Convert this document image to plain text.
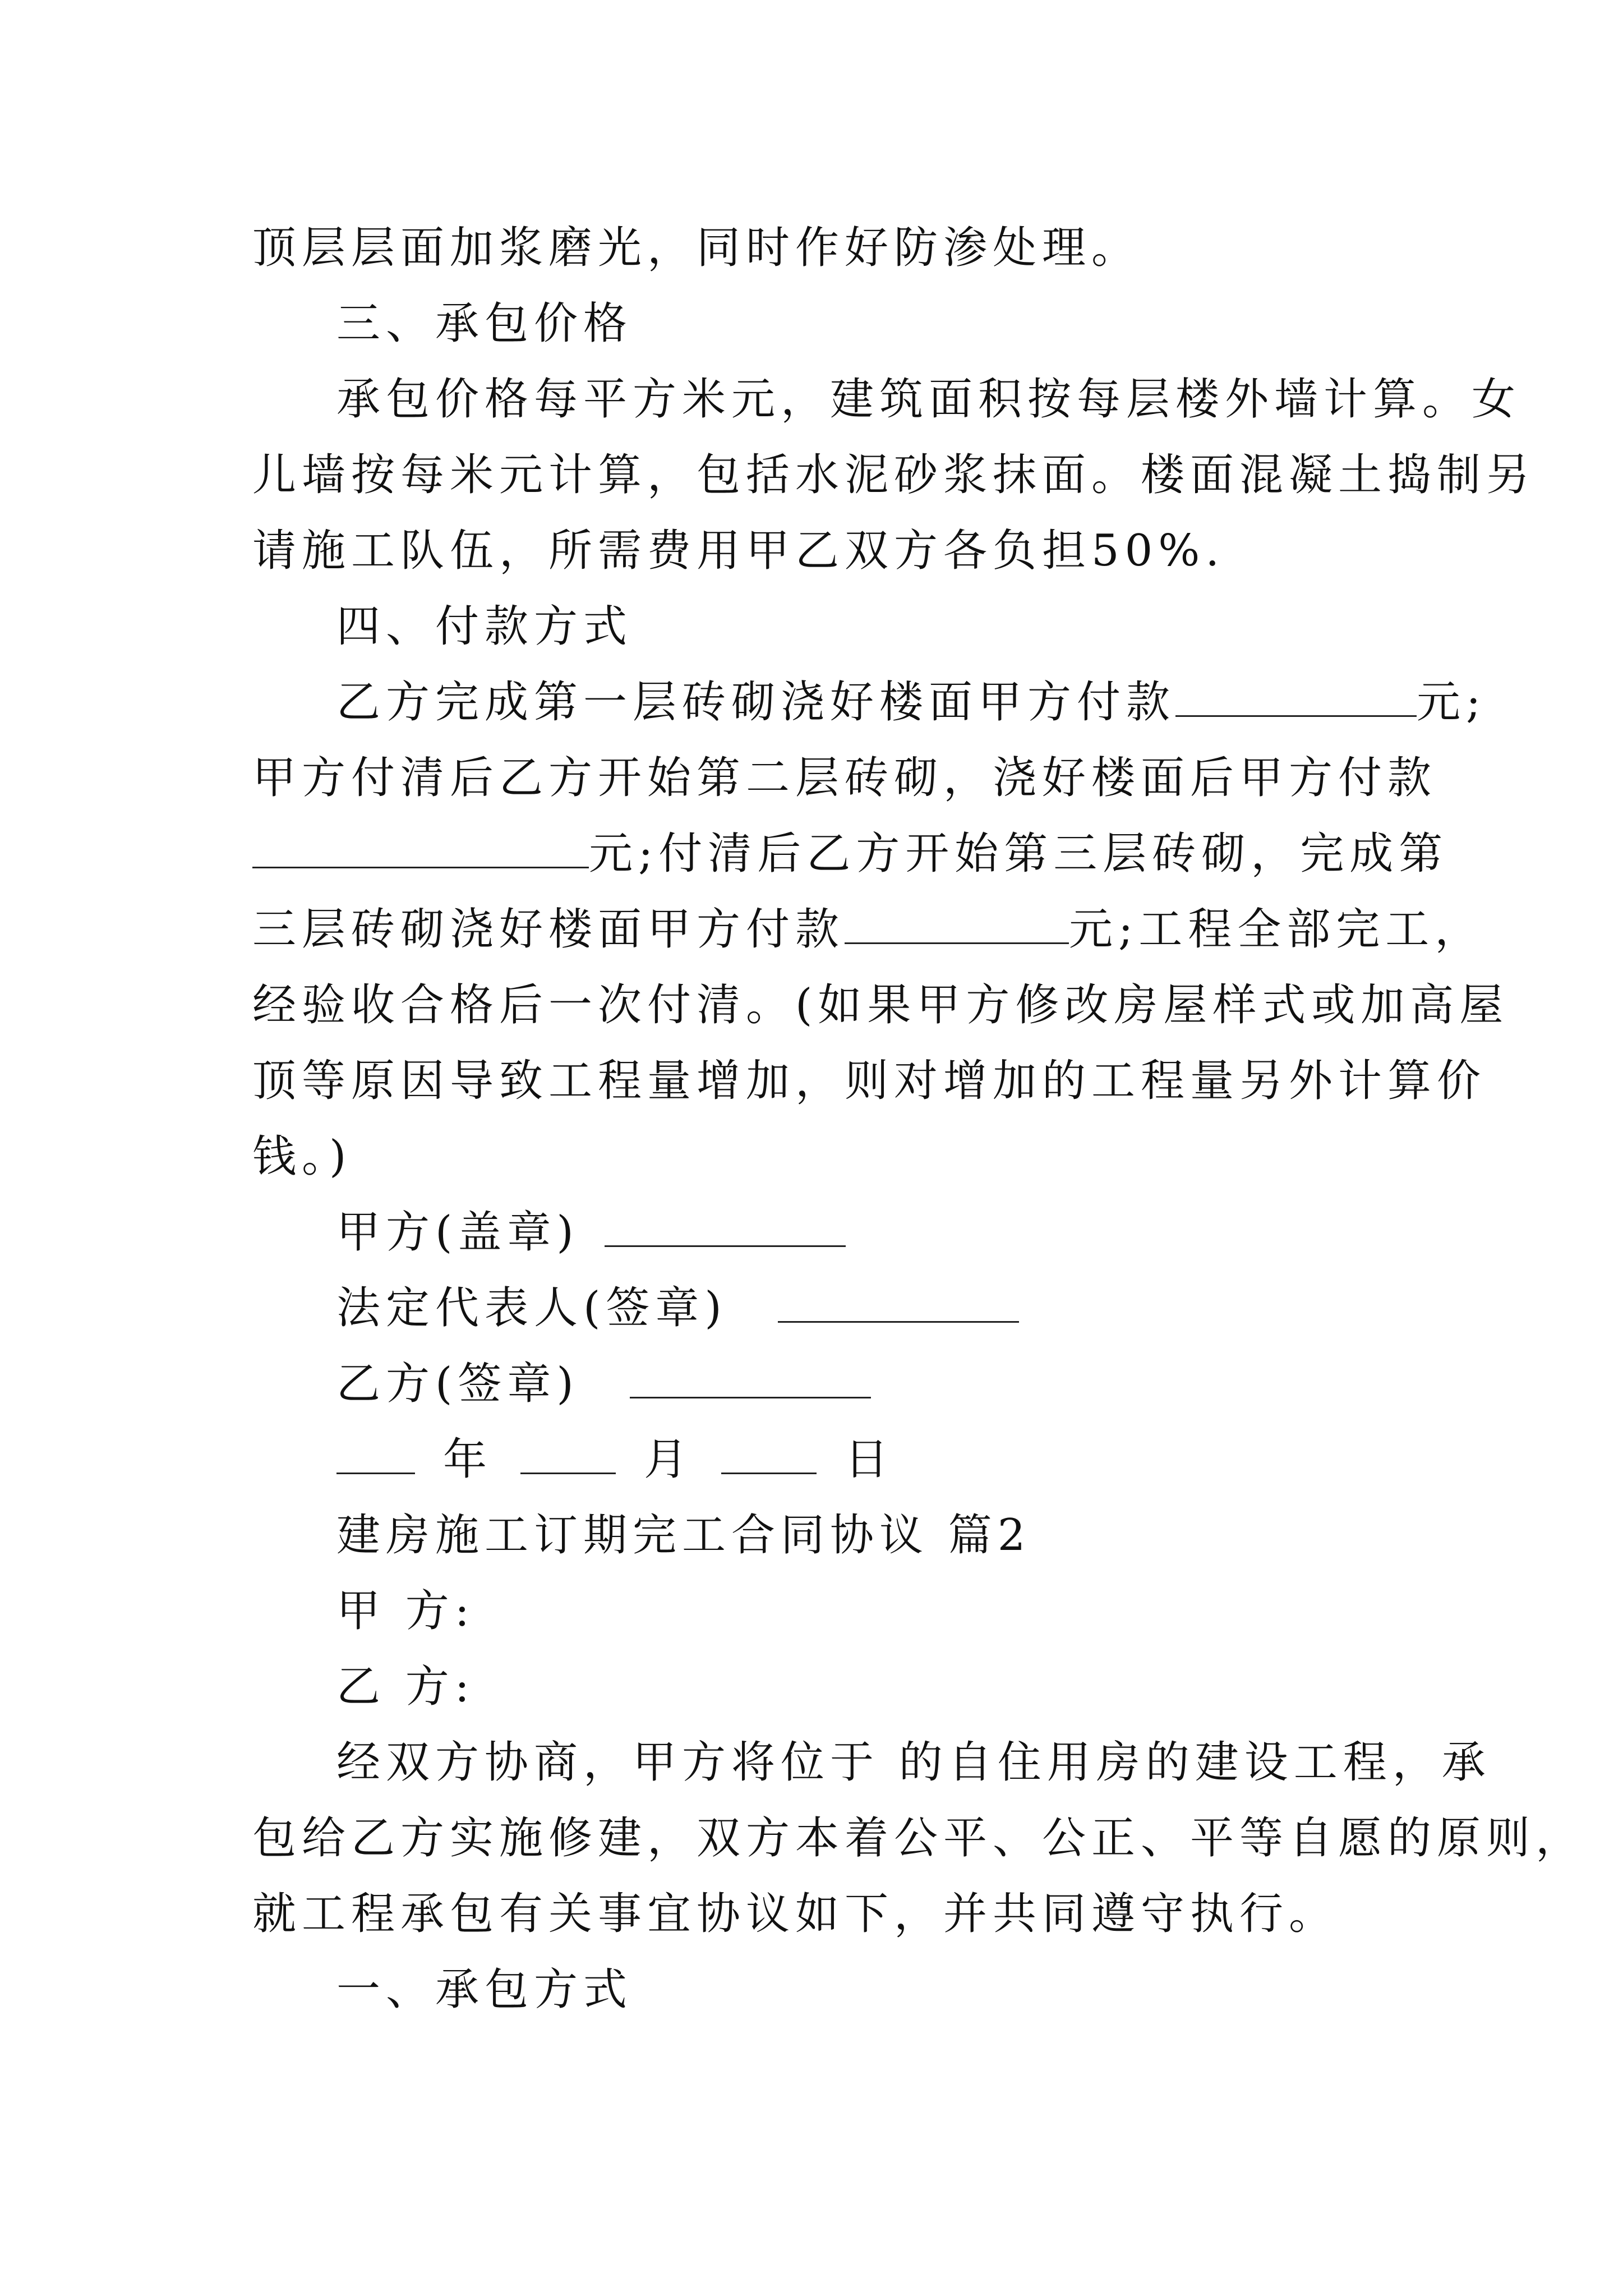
顶层层面加浆磨光，同时作好防渗处理。
三、承包价格
承包价格每平方米元，建筑面积按每层楼外墙计算。女
儿墙按每米元计算，包括水泥砂浆抹面。楼面混凝土捣制另
请施工队伍，所需费用甲乙双方各负担50%.
四、付款方式
乙方完成第一层砖砌浇好楼面甲方付款	元;
甲方付清后乙方开始第二层砖砌，浇好楼面后甲方付款
元;付清后乙方开始第三层砖砌，完成第
三层砖砌浇好楼面甲方付款	元;工程全部完工，
经验收合格后一次付清。(如果甲方修改房屋样式或加高屋
顶等原因导致工程量增加，则对增加的工程量另外计算价
钱。)
甲方(盖章)
法定代表人(签章)
乙方(签章)
年	月	日
建房施工订期完工合同协议 篇2
甲 方:
乙 方:
经双方协商，甲方将位于 的自住用房的建设工程，承
包给乙方实施修建，双方本着公平、公正、平等自愿的原则，
就工程承包有关事宜协议如下，并共同遵守执行。
一、承包方式
